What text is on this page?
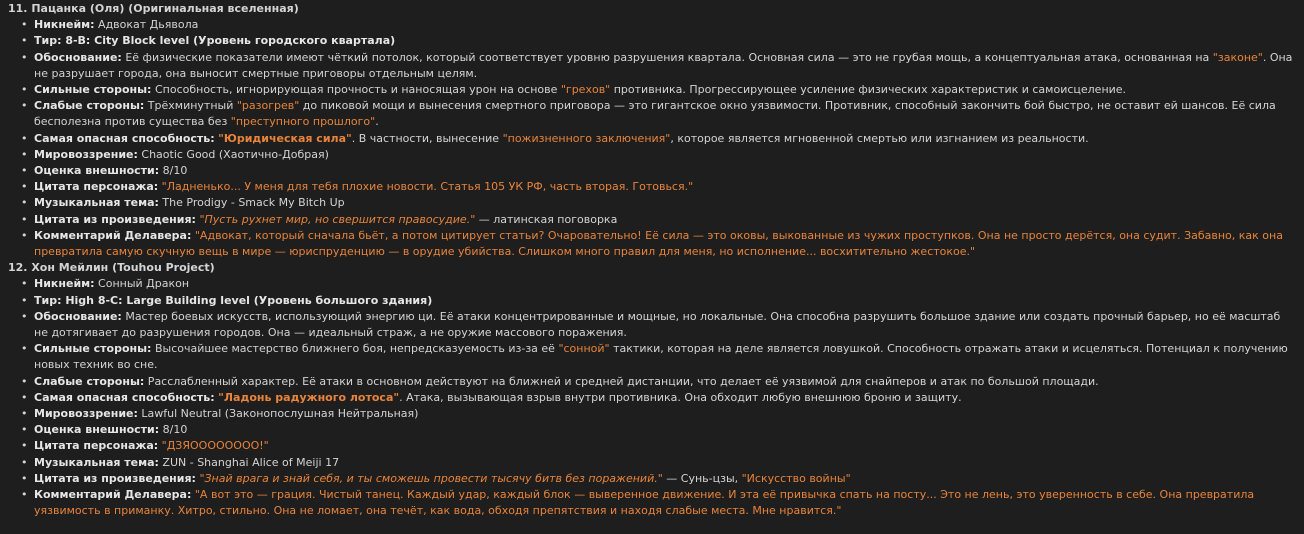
11. Пацанка (Оля) (Оригинальная вселенная)

• Никнейм: Адвокат Дьявола
• Тир: 8-B: City Block level (Уровень городского квартала)
• Обоснование: Её физические показатели имеют чёткий потолок, который соответствует уровню разрушения квартала. Основная сила — это не грубая мощь, а концептуальная атака, основанная на "законе". Она не разрушает города, она выносит смертные приговоры отдельным целям.
• Сильные стороны: Способность, игнорирующая прочность и наносящая урон на основе "грехов" противника. Прогрессирующее усиление физических характеристик и самоисцеление.
• Слабые стороны: Трёхминутный "разогрев" до пиковой мощи и вынесения смертного приговора — это гигантское окно уязвимости. Противник, способный закончить бой быстро, не оставит ей шансов. Её сила бесполезна против существа без "преступного прошлого".
• Самая опасная способность: "Юридическая сила". В частности, вынесение "пожизненного заключения", которое является мгновенной смертью или изгнанием из реальности.
• Мировоззрение: Chaotic Good (Хаотично-Добрая)
• Оценка внешности: 8/10
• Цитата персонажа: "Ладненько... У меня для тебя плохие новости. Статья 105 УК РФ, часть вторая. Готовься."
• Музыкальная тема: The Prodigy - Smack My Bitch Up
• Цитата из произведения: "Пусть рухнет мир, но свершится правосудие." — латинская поговорка
• Комментарий Делавера: "Адвокат, который сначала бьёт, а потом цитирует статьи? Очаровательно! Её сила — это оковы, выкованные из чужих проступков. Она не просто дерётся, она судит. Забавно, как она превратила самую скучную вещь в мире — юриспруденцию — в орудие убийства. Слишком много правил для меня, но исполнение... восхитительно жестокое."

12. Хон Мейлин (Touhou Project)

• Никнейм: Сонный Дракон
• Тир: High 8-C: Large Building level (Уровень большого здания)
• Обоснование: Мастер боевых искусств, использующий энергию ци. Её атаки концентрированные и мощные, но локальные. Она способна разрушить большое здание или создать прочный барьер, но её масштаб не дотягивает до разрушения городов. Она — идеальный страж, а не оружие массового поражения.
• Сильные стороны: Высочайшее мастерство ближнего боя, непредсказуемость из-за её "сонной" тактики, которая на деле является ловушкой. Способность отражать атаки и исцеляться. Потенциал к получению новых техник во сне.
• Слабые стороны: Расслабленный характер. Её атаки в основном действуют на ближней и средней дистанции, что делает её уязвимой для снайперов и атак по большой площади.
• Самая опасная способность: "Ладонь радужного лотоса". Атака, вызывающая взрыв внутри противника. Она обходит любую внешнюю броню и защиту.
• Мировоззрение: Lawful Neutral (Законопослушная Нейтральная)
• Оценка внешности: 8/10
• Цитата персонажа: "ДЗЯОООООООО!"
• Музыкальная тема: ZUN - Shanghai Alice of Meiji 17
• Цитата из произведения: "Знай врага и знай себя, и ты сможешь провести тысячу битв без поражений." — Сунь-цзы, "Искусство войны"
• Комментарий Делавера: "А вот это — грация. Чистый танец. Каждый удар, каждый блок — выверенное движение. И эта её привычка спать на посту... Это не лень, это уверенность в себе. Она превратила уязвимость в приманку. Хитро, стильно. Она не ломает, она течёт, как вода, обходя препятствия и находя слабые места. Мне нравится."
